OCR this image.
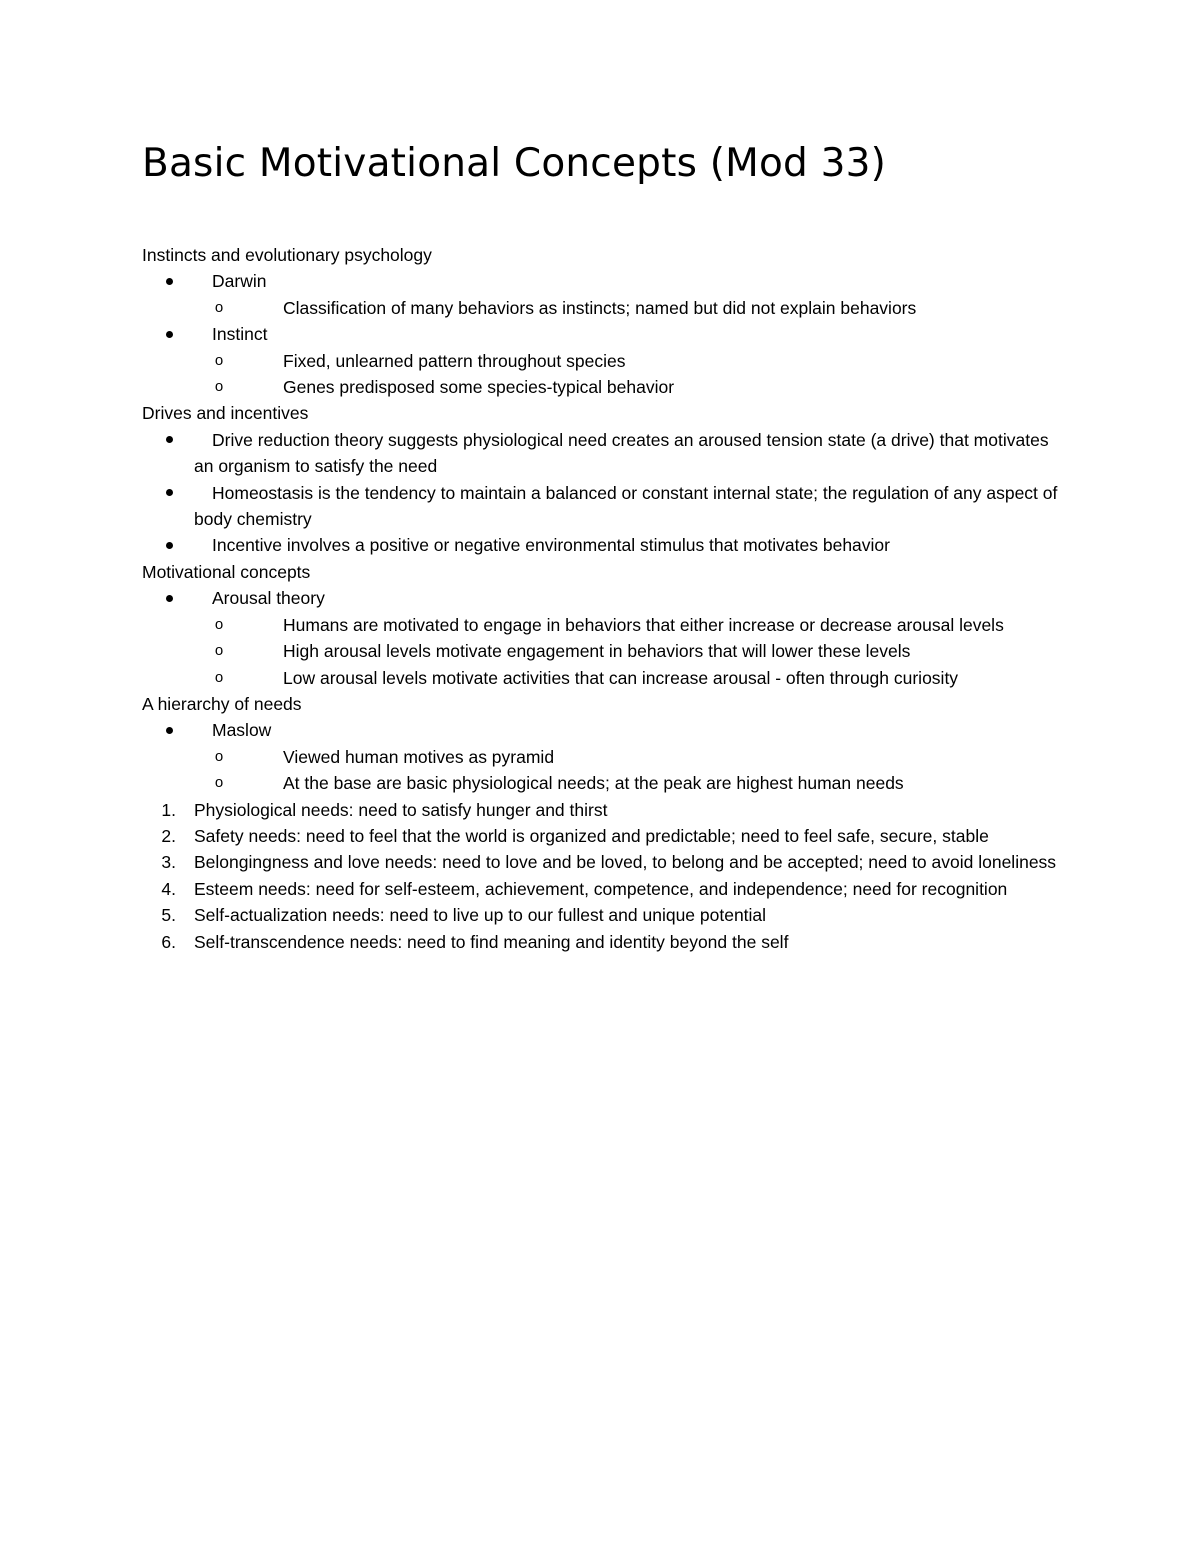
Basic Motivational Concepts (Mod 33)

Instincts and evolutionary psychology

Darwin
o	Classification of many behaviors as instincts; named but did not explain behaviors
Instinct
o	Fixed, unlearned pattern throughout species
o	Genes predisposed some species-typical behavior

Drives and incentives

Drive reduction theory suggests physiological need creates an aroused tension state (a drive) that motivates an organism to satisfy the need
Homeostasis is the tendency to maintain a balanced or constant internal state; the regulation of any aspect of body chemistry
Incentive involves a positive or negative environmental stimulus that motivates behavior

Motivational concepts

Arousal theory
o	Humans are motivated to engage in behaviors that either increase or decrease arousal levels
o	High arousal levels motivate engagement in behaviors that will lower these levels
o	Low arousal levels motivate activities that can increase arousal - often through curiosity

A hierarchy of needs

Maslow
o	Viewed human motives as pyramid
o	At the base are basic physiological needs; at the peak are highest human needs
1. Physiological needs: need to satisfy hunger and thirst
2. Safety needs: need to feel that the world is organized and predictable; need to feel safe, secure, stable
3. Belongingness and love needs: need to love and be loved, to belong and be accepted; need to avoid loneliness
4. Esteem needs: need for self-esteem, achievement, competence, and independence; need for recognition
5. Self-actualization needs: need to live up to our fullest and unique potential
6. Self-transcendence needs: need to find meaning and identity beyond the self
